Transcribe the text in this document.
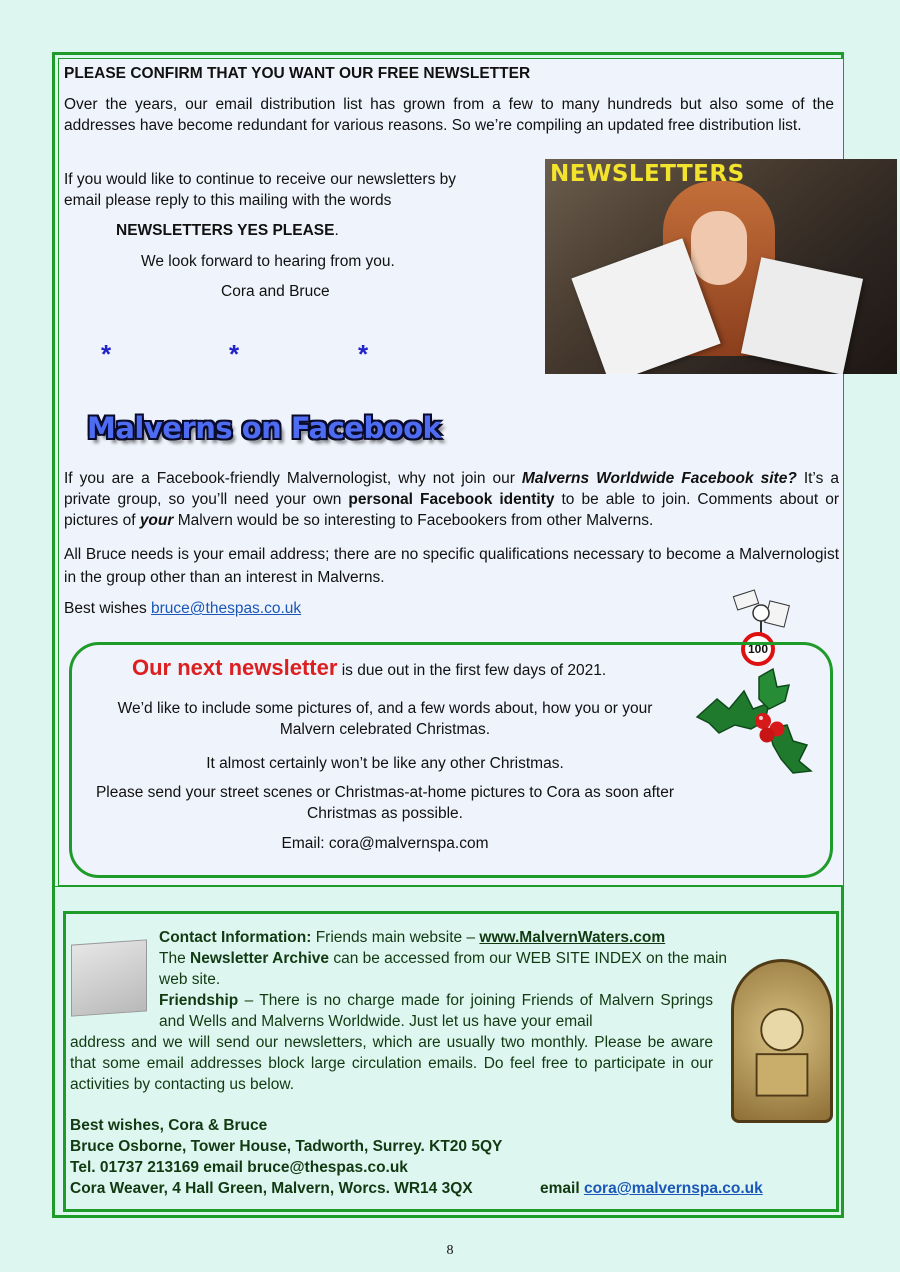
PLEASE CONFIRM THAT YOU WANT OUR FREE NEWSLETTER

Over the years, our email distribution list has grown from a few to many hundreds but also some of the addresses have become redundant for various reasons. So we’re compiling an updated free distribution list.

If you would like to continue to receive our newsletters by email please reply to this mailing with the words

NEWSLETTERS YES PLEASE.

We look forward to hearing from you.

Cora and Bruce

NEWSLETTERS
*	*	*
Malverns on Facebook

If you are a Facebook-friendly Malvernologist, why not join our Malverns Worldwide Facebook site? It’s a private group, so you’ll need your own personal Facebook identity to be able to join. Comments about or pictures of your Malvern would be so interesting to Facebookers from other Malverns.

All Bruce needs is your email address; there are no specific qualifications necessary to become a Malvernologist in the group other than an interest in Malverns.

Best wishes bruce@thespas.co.uk

100

Our next newsletter is due out in the first few days of 2021.

We’d like to include some pictures of, and a few words about, how you or your Malvern celebrated Christmas.

It almost certainly won’t be like any other Christmas.

Please send your street scenes or Christmas-at-home pictures to Cora as soon after Christmas as possible.

Email: cora@malvernspa.com

Contact Information: Friends main website – www.MalvernWaters.com

The Newsletter Archive can be accessed from our WEB SITE INDEX on the main web site.

Friendship – There is no charge made for joining Friends of Malvern Springs and Wells and Malverns Worldwide. Just let us have your email

address and we will send our newsletters, which are usually two monthly. Please be aware that some email addresses block large circulation emails. Do feel free to participate in our activities by contacting us below.

Best wishes, Cora & Bruce

Bruce Osborne, Tower House, Tadworth, Surrey. KT20 5QY

Tel. 01737 213169 email bruce@thespas.co.uk

Cora Weaver, 4 Hall Green, Malvern, Worcs. WR14 3QX	email cora@malvernspa.co.uk

8
